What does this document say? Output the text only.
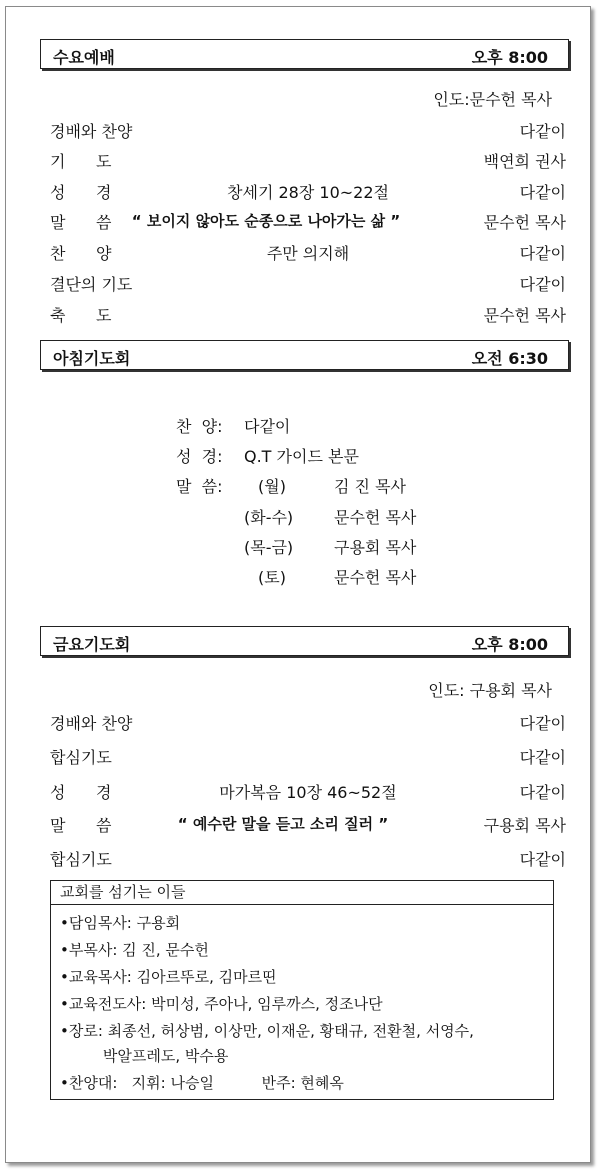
수요예배	오후 8:00
인도:문수헌 목사
경배와 찬양	다같이
기      도	백연희 권사
성      경	창세기 28장 10~22절	다같이
말      씀	“ 보이지 않아도 순종으로 나아가는 삶 ”	문수헌 목사
찬      양	주만 의지해	다같이
결단의 기도	다같이
축      도	문수헌 목사
아침기도회	오전 6:30
찬  양: 다같이
성  경: Q.T 가이드 본문
말  씀: (월)	김 진 목사
(화-수)	문수헌 목사
(목-금)	구용회 목사
(토)	문수헌 목사
금요기도회	오후 8:00
인도: 구용회 목사
경배와 찬양	다같이
합심기도	다같이
성      경	마가복음 10장 46~52절	다같이
말      씀	“ 예수란 말을 듣고 소리 질러 ”	구용회 목사
합심기도	다같이
교회를 섬기는 이들
•담임목사: 구용회
•부목사: 김 진, 문수헌
•교육목사: 김아르뚜로, 김마르띤
•교육전도사: 박미성, 주아나, 임루까스, 정조나단
•장로: 최종선, 허상범, 이상만, 이재운, 황태규, 전환철, 서영수,
박알프레도, 박수용
•찬양대:   지휘: 나승일          반주: 현혜옥
